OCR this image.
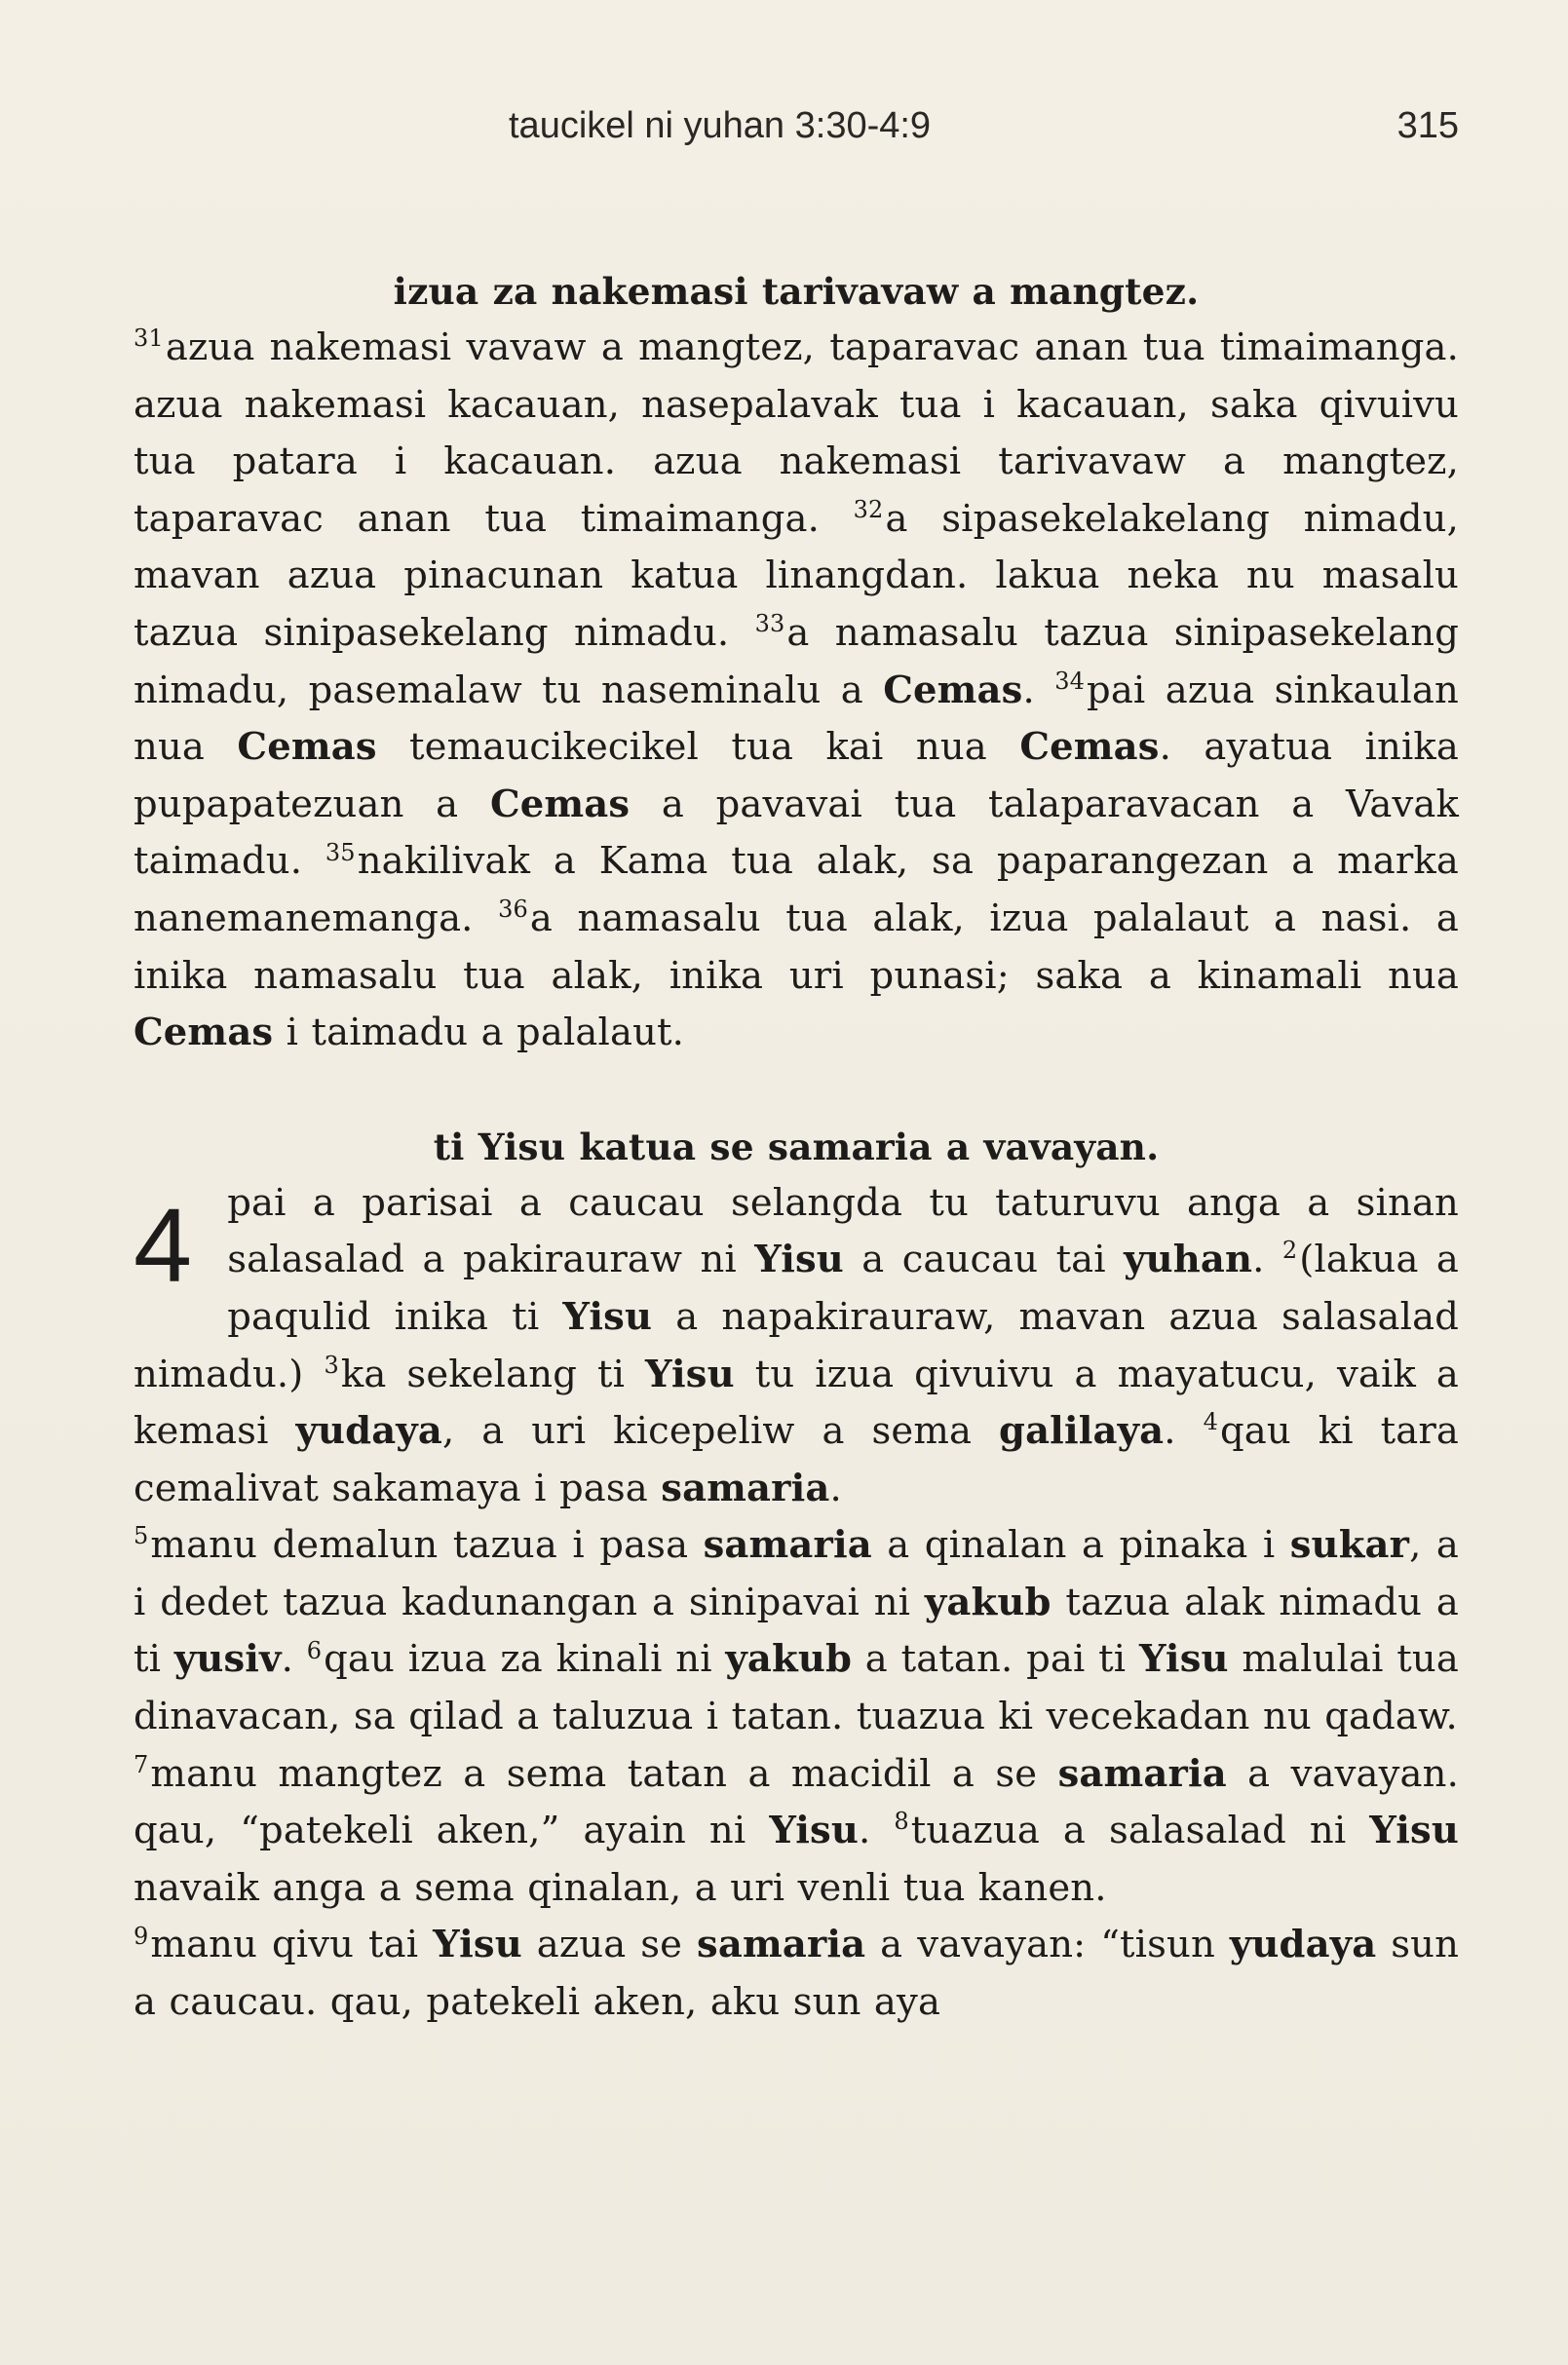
taucikel ni yuhan 3:30-4:9	315

izua za nakemasi tarivavaw a mangtez.

$^{31}$azua nakemasi vavaw a mangtez, taparavac anan tua timaimanga. azua nakemasi kacauan, nasepalavak tua i kacauan, saka qivuivu tua patara i kacauan. azua nakemasi tarivavaw a mangtez, taparavac anan tua timaimanga. $^{32}$a sipasekelakelang nimadu, mavan azua pinacunan katua linangdan. lakua neka nu masalu tazua sinipasekelang nimadu. $^{33}$a namasalu tazua sinipasekelang nimadu, pasemalaw tu naseminalu a Cemas. $^{34}$pai azua sinkaulan nua Cemas temaucikecikel tua kai nua Cemas. ayatua inika pupapatezuan a Cemas a pavavai tua talaparavacan a Vavak taimadu. $^{35}$nakilivak a Kama tua alak, sa paparangezan a marka nanemanemanga. $^{36}$a namasalu tua alak, izua palalaut a nasi. a inika namasalu tua alak, inika uri punasi; saka a kinamali nua Cemas i taimadu a palalaut.

ti Yisu katua se samaria a vavayan.

4 pai a parisai a caucau selangda tu taturuvu anga a sinan salasalad a pakirauraw ni Yisu a caucau tai yuhan. $^2$(lakua a paqulid inika ti Yisu a napakirauraw, mavan azua salasalad nimadu.) $^3$ka sekelang ti Yisu tu izua qivuivu a mayatucu, vaik a kemasi yudaya, a uri kicepeliw a sema galilaya. $^4$qau ki tara cemalivat sakamaya i pasa samaria.

$^5$manu demalun tazua i pasa samaria a qinalan a pinaka i sukar, a i dedet tazua kadunangan a sinipavai ni yakub tazua alak nimadu a ti yusiv. $^6$qau izua za kinali ni yakub a tatan. pai ti Yisu malulai tua dinavacan, sa qilad a taluzua i tatan. tuazua ki vecekadan nu qadaw.

$^7$manu mangtez a sema tatan a macidil a se samaria a vavayan. qau, “patekeli aken,” ayain ni Yisu. $^8$tuazua a salasalad ni Yisu navaik anga a sema qinalan, a uri venli tua kanen.

$^9$manu qivu tai Yisu azua se samaria a vavayan: “tisun yudaya sun a caucau. qau, patekeli aken, aku sun aya
